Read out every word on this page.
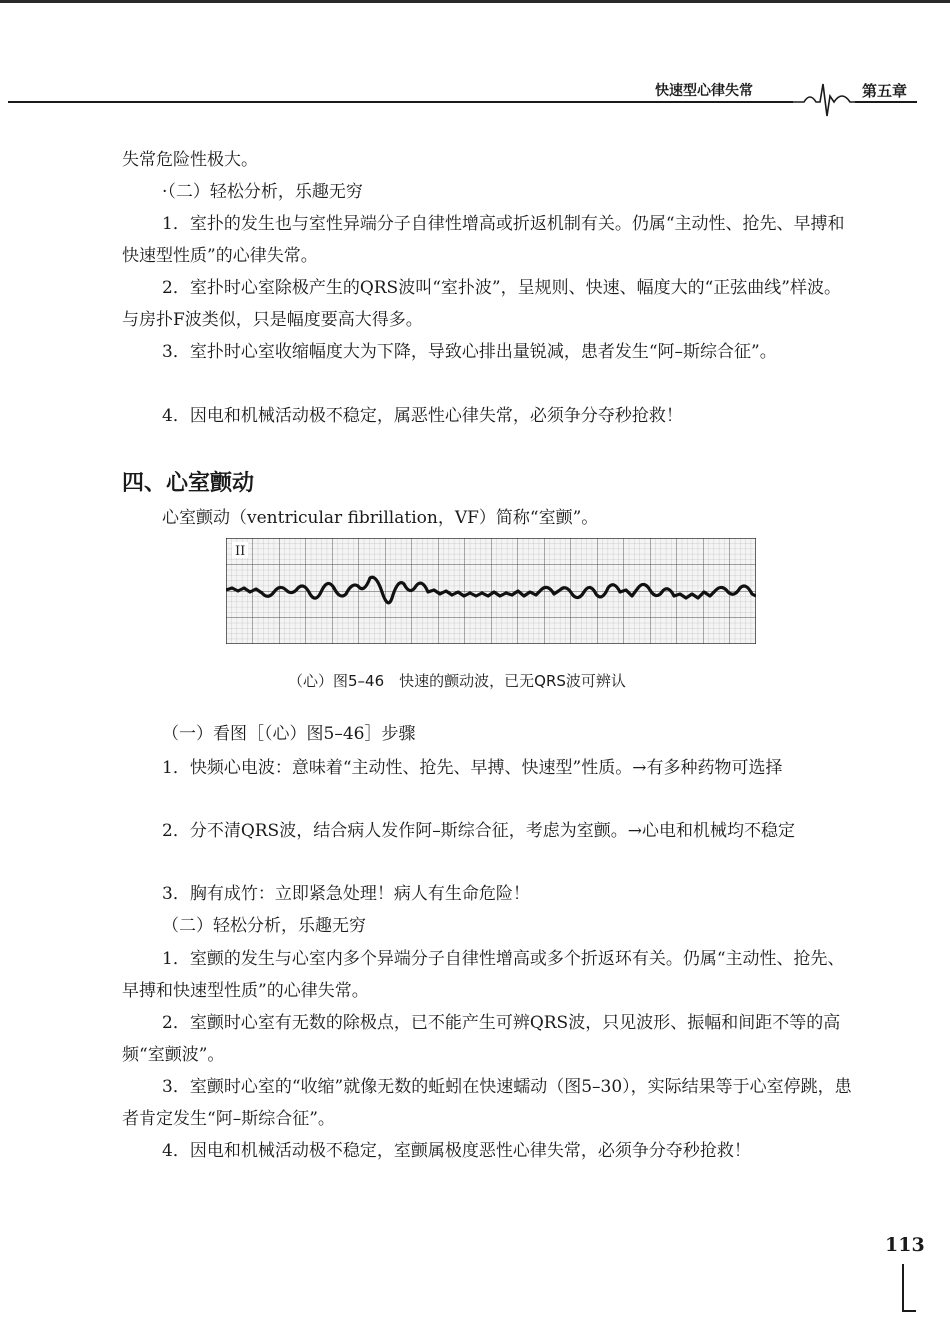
快速型心律失常	第五章

失常危险性极大。

·（二）轻松分析，乐趣无穷

1．室扑的发生也与室性异端分子自律性增高或折返机制有关。仍属“主动性、抢先、早搏和快速型性质”的心律失常。

2．室扑时心室除极产生的QRS波叫“室扑波”，呈规则、快速、幅度大的“正弦曲线”样波。与房扑F波类似，只是幅度要高大得多。

3．室扑时心室收缩幅度大为下降，导致心排出量锐减，患者发生“阿–斯综合征”。

4．因电和机械活动极不稳定，属恶性心律失常，必须争分夺秒抢救！

四、心室颤动

心室颤动（ventricular fibrillation，VF）简称“室颤”。

II
（心）图5–46　快速的颤动波，已无QRS波可辨认

（一）看图［（心）图5–46］步骤

1．快频心电波：意味着“主动性、抢先、早搏、快速型”性质。→有多种药物可选择

2．分不清QRS波，结合病人发作阿–斯综合征，考虑为室颤。→心电和机械均不稳定

3．胸有成竹：立即紧急处理！病人有生命危险！

（二）轻松分析，乐趣无穷

1．室颤的发生与心室内多个异端分子自律性增高或多个折返环有关。仍属“主动性、抢先、早搏和快速型性质”的心律失常。

2．室颤时心室有无数的除极点，已不能产生可辨QRS波，只见波形、振幅和间距不等的高频“室颤波”。

3．室颤时心室的“收缩”就像无数的蚯蚓在快速蠕动（图5–30），实际结果等于心室停跳，患者肯定发生“阿–斯综合征”。

4．因电和机械活动极不稳定，室颤属极度恶性心律失常，必须争分夺秒抢救！

113
